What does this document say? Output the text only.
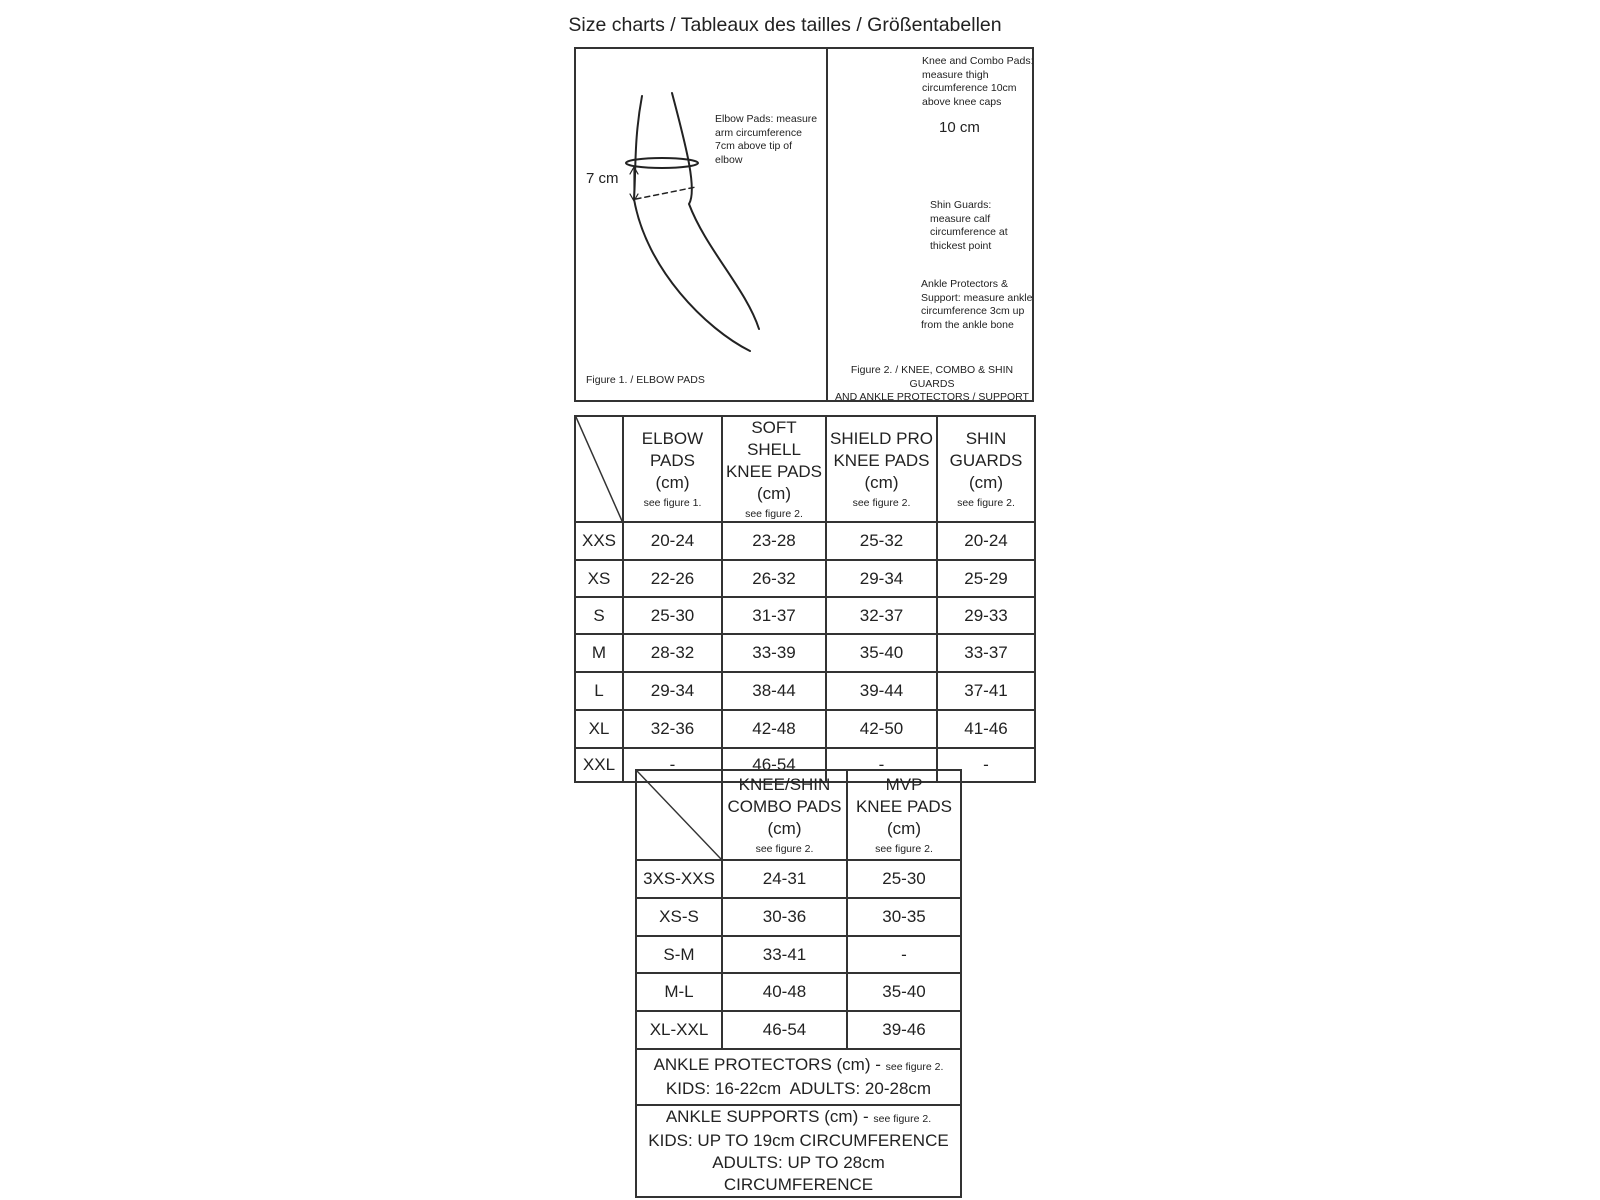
Size charts / Tableaux des tailles / Größentabellen
Elbow Pads: measure arm circumference 7cm above tip of elbow
7 cm
Figure 1. / ELBOW PADS
Knee and Combo Pads: measure thigh circumference 10cm above knee caps
10 cm
Shin Guards: measure calf circumference at thickest point
Ankle Protectors & Support: measure ankle circumference 3cm up from the ankle bone
Figure 2. / KNEE, COMBO & SHIN GUARDS
AND ANKLE PROTECTORS / SUPPORT

ELBOW
PADS
(cm)
see figure 1.	SOFT SHELL
KNEE PADS
(cm)
see figure 2.	SHIELD PRO
KNEE PADS
(cm)
see figure 2.	SHIN
GUARDS
(cm)
see figure 2.

XXS	20-24	23-28	25-32	20-24
XS	22-26	26-32	29-34	25-29
S	25-30	31-37	32-37	29-33
M	28-32	33-39	35-40	33-37
L	29-34	38-44	39-44	37-41
XL	32-36	42-48	42-50	41-46
XXL	-	46-54	-	-

KNEE/SHIN
COMBO PADS
(cm)
see figure 2.	MVP
KNEE PADS
(cm)
see figure 2.

3XS-XXS	24-31	25-30
XS-S	30-36	30-35
S-M	33-41	-
M-L	40-48	35-40
XL-XXL	46-54	39-46

ANKLE PROTECTORS (cm) - see figure 2.
KIDS: 16-22cm  ADULTS: 20-28cm		

ANKLE SUPPORTS (cm) - see figure 2.
KIDS: UP TO 19cm CIRCUMFERENCE
ADULTS: UP TO 28cm CIRCUMFERENCE		
